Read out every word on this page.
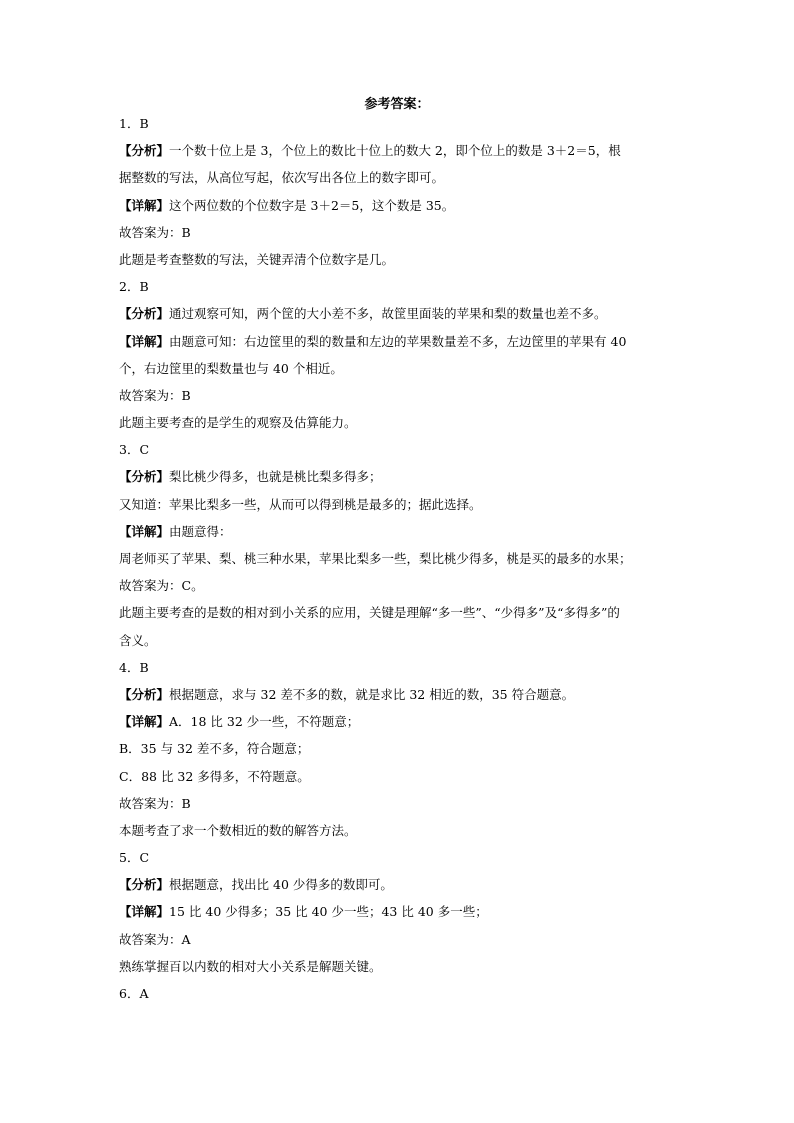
参考答案：
1．B
【分析】一个数十位上是 3，个位上的数比十位上的数大 2，即个位上的数是 3＋2＝5，根
据整数的写法，从高位写起，依次写出各位上的数字即可。
【详解】这个两位数的个位数字是 3＋2＝5，这个数是 35。
故答案为：B
此题是考查整数的写法，关键弄清个位数字是几。
2．B
【分析】通过观察可知，两个筐的大小差不多，故筐里面装的苹果和梨的数量也差不多。
【详解】由题意可知：右边筐里的梨的数量和左边的苹果数量差不多，左边筐里的苹果有 40
个，右边筐里的梨数量也与 40 个相近。
故答案为：B
此题主要考查的是学生的观察及估算能力。
3．C
【分析】梨比桃少得多，也就是桃比梨多得多；
又知道：苹果比梨多一些，从而可以得到桃是最多的；据此选择。
【详解】由题意得：
周老师买了苹果、梨、桃三种水果，苹果比梨多一些，梨比桃少得多，桃是买的最多的水果；
故答案为：C。
此题主要考查的是数的相对到小关系的应用，关键是理解“多一些”、“少得多”及“多得多”的
含义。
4．B
【分析】根据题意，求与 32 差不多的数，就是求比 32 相近的数，35 符合题意。
【详解】A．18 比 32 少一些，不符题意；
B．35 与 32 差不多，符合题意；
C．88 比 32 多得多，不符题意。
故答案为：B
本题考查了求一个数相近的数的解答方法。
5．C
【分析】根据题意，找出比 40 少得多的数即可。
【详解】15 比 40 少得多；35 比 40 少一些；43 比 40 多一些；
故答案为：A
熟练掌握百以内数的相对大小关系是解题关键。
6．A
